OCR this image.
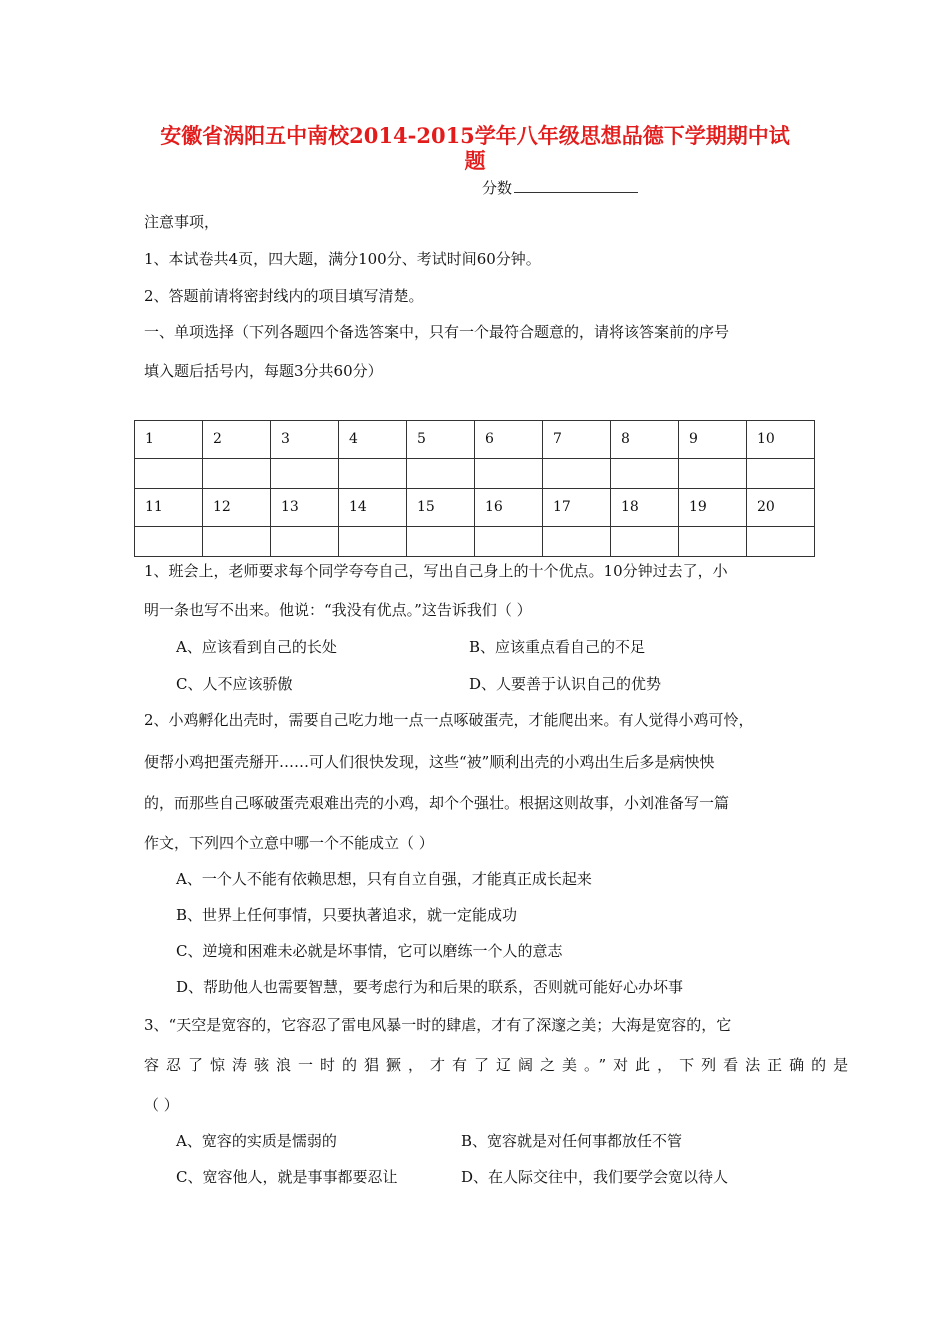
安徽省涡阳五中南校2014-2015学年八年级思想品德下学期期中试
题
分数
注意事项，
1、本试卷共4页，四大题，满分100分、考试时间60分钟。
2、答题前请将密封线内的项目填写清楚。
一、单项选择（下列各题四个备选答案中，只有一个最符合题意的，请将该答案前的序号
填入题后括号内，每题3分共60分）
1	2	3	4	5	6	7	8	9	10

11	12	13	14	15	16	17	18	19	20

1、班会上，老师要求每个同学夸夸自己，写出自己身上的十个优点。10分钟过去了，小
明一条也写不出来。他说：“我没有优点。”这告诉我们（ ）
A、应该看到自己的长处	B、应该重点看自己的不足
C、人不应该骄傲	D、人要善于认识自己的优势
2、小鸡孵化出壳时，需要自己吃力地一点一点啄破蛋壳，才能爬出来。有人觉得小鸡可怜，
便帮小鸡把蛋壳掰开……可人们很快发现，这些“被”顺利出壳的小鸡出生后多是病怏怏
的，而那些自己啄破蛋壳艰难出壳的小鸡，却个个强壮。根据这则故事，小刘准备写一篇
作文，下列四个立意中哪一个不能成立（ ）
A、一个人不能有依赖思想，只有自立自强，才能真正成长起来
B、世界上任何事情，只要执著追求，就一定能成功
C、逆境和困难未必就是坏事情，它可以磨练一个人的意志
D、帮助他人也需要智慧，要考虑行为和后果的联系，否则就可能好心办坏事
3、“天空是宽容的，它容忍了雷电风暴一时的肆虐，才有了深邃之美；大海是宽容的，它
容忍了惊涛骇浪一时的猖獗，才有了辽阔之美。”对此，下列看法正确的是
（ ）
A、宽容的实质是懦弱的	B、宽容就是对任何事都放任不管
C、宽容他人，就是事事都要忍让	D、在人际交往中，我们要学会宽以待人
